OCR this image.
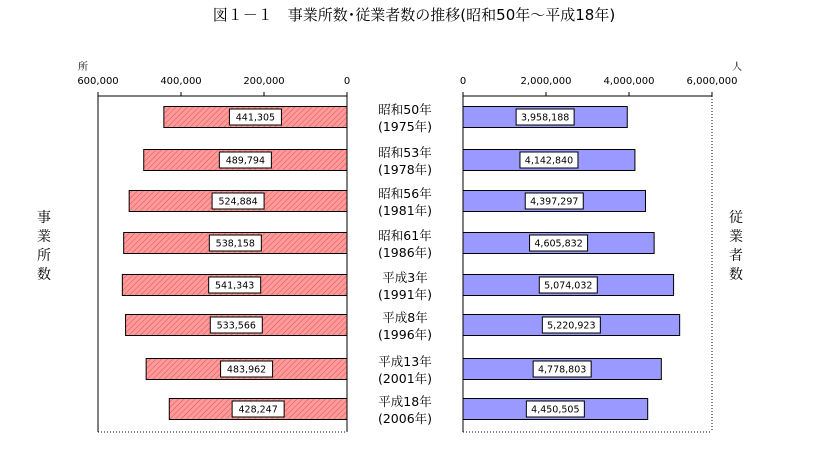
図１－１　事業所数･従業者数の推移(昭和50年～平成18年)
600,000	400,000	200,000	0
所
441,305
489,794
524,884
538,158
541,343
533,566
483,962
428,247
事
業
所
数
0	2,000,000	4,000,000	6,000,000
人
3,958,188
4,142,840
4,397,297
4,605,832
5,074,032
5,220,923
4,778,803
4,450,505
従
業
者
数
昭和50年
(1975年)
昭和53年
(1978年)
昭和56年
(1981年)
昭和61年
(1986年)
平成3年
(1991年)
平成8年
(1996年)
平成13年
(2001年)
平成18年
(2006年)
